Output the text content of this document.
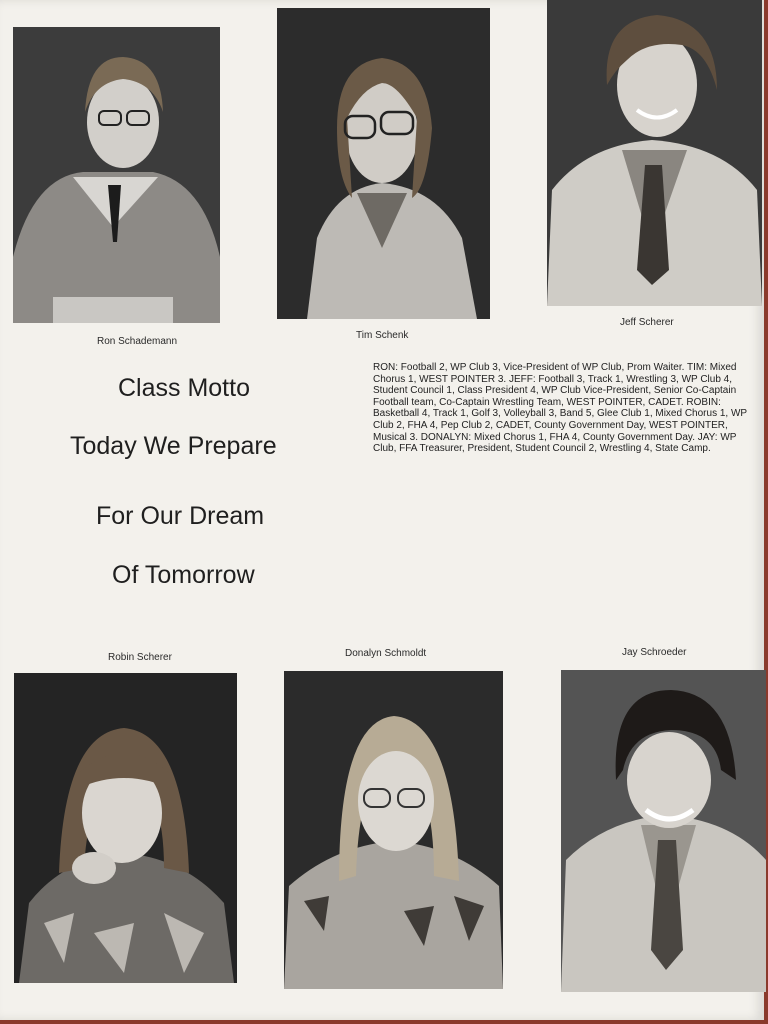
Ron Schademann
Tim Schenk
Jeff Scherer
Class Motto
Today We Prepare
For Our Dream
Of Tomorrow
RON: Football 2, WP Club 3, Vice-President of WP Club, Prom Waiter. TIM: Mixed Chorus 1, WEST POINTER 3. JEFF: Football 3, Track 1, Wrestling 3, WP Club 4, Student Council 1, Class President 4, WP Club Vice-President, Senior Co-Captain Football team, Co-Captain Wrestling Team, WEST POINTER, CADET. ROBIN: Basketball 4, Track 1, Golf 3, Volleyball 3, Band 5, Glee Club 1, Mixed Chorus 1, WP Club 2, FHA 4, Pep Club 2, CADET, County Government Day, WEST POINTER, Musical 3. DONALYN: Mixed Chorus 1, FHA 4, County Government Day. JAY: WP Club, FFA Treasurer, President, Student Council 2, Wrestling 4, State Camp.
Robin Scherer	Donalyn Schmoldt	Jay Schroeder
